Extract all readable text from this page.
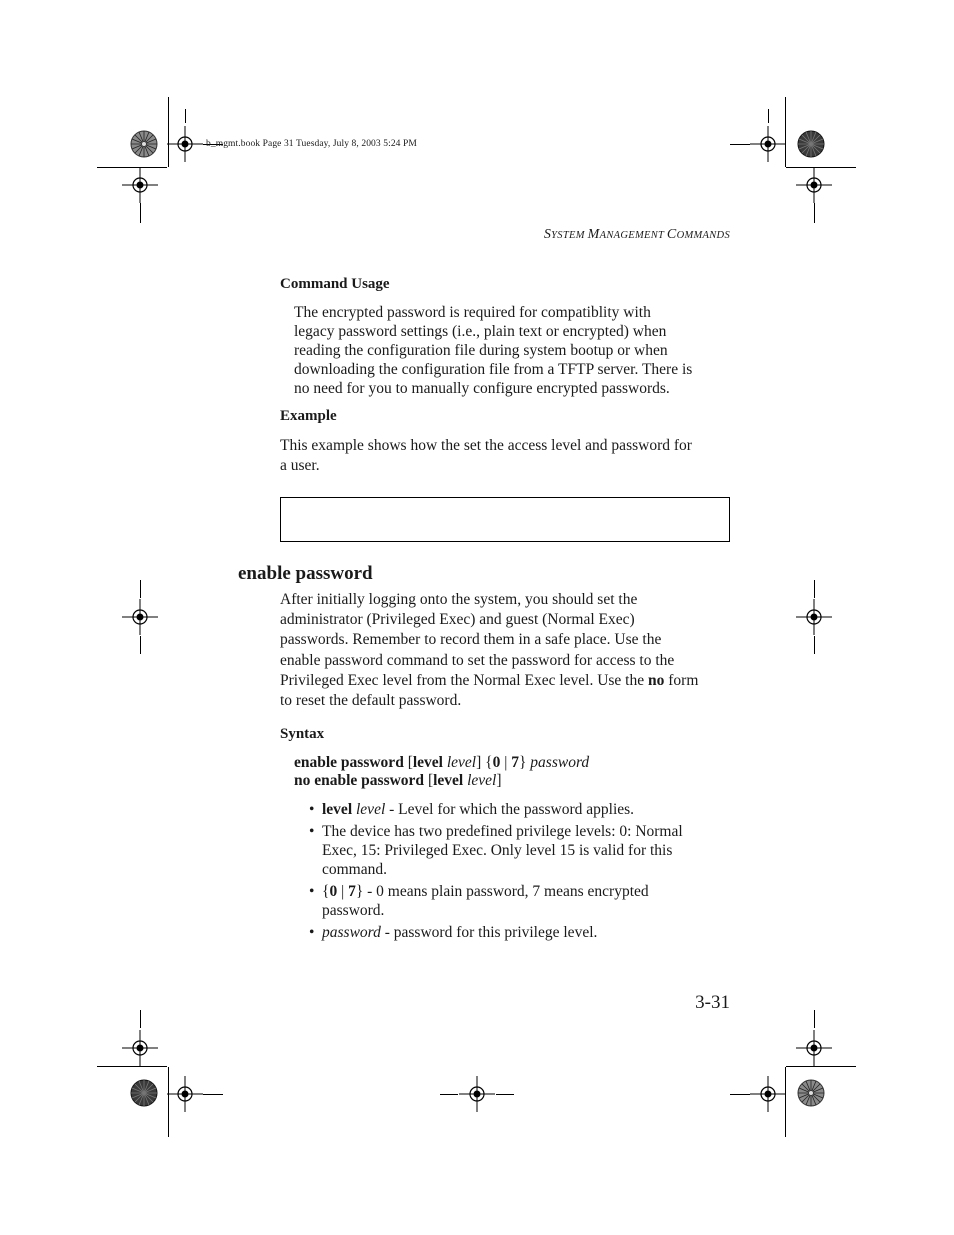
b_mgmt.book Page 31 Tuesday, July 8, 2003 5:24 PM
SYSTEM MANAGEMENT COMMANDS
Command Usage
The encrypted password is required for compatiblity with
legacy password settings (i.e., plain text or encrypted) when
reading the configuration file during system bootup or when
downloading the configuration file from a TFTP server. There is
no need for you to manually configure encrypted passwords.
Example
This example shows how the set the access level and password for
a user.
enable password
After initially logging onto the system, you should set the
administrator (Privileged Exec) and guest (Normal Exec)
passwords. Remember to record them in a safe place. Use the
enable password command to set the password for access to the
Privileged Exec level from the Normal Exec level. Use the no form
to reset the default password.
Syntax
enable password [level level] {0 | 7} password
no enable password [level level]
• level level - Level for which the password applies.
• The device has two predefined privilege levels: 0: Normal
Exec, 15: Privileged Exec. Only level 15 is valid for this
command.
• {0 | 7} - 0 means plain password, 7 means encrypted
password.
• password - password for this privilege level.
3-31
